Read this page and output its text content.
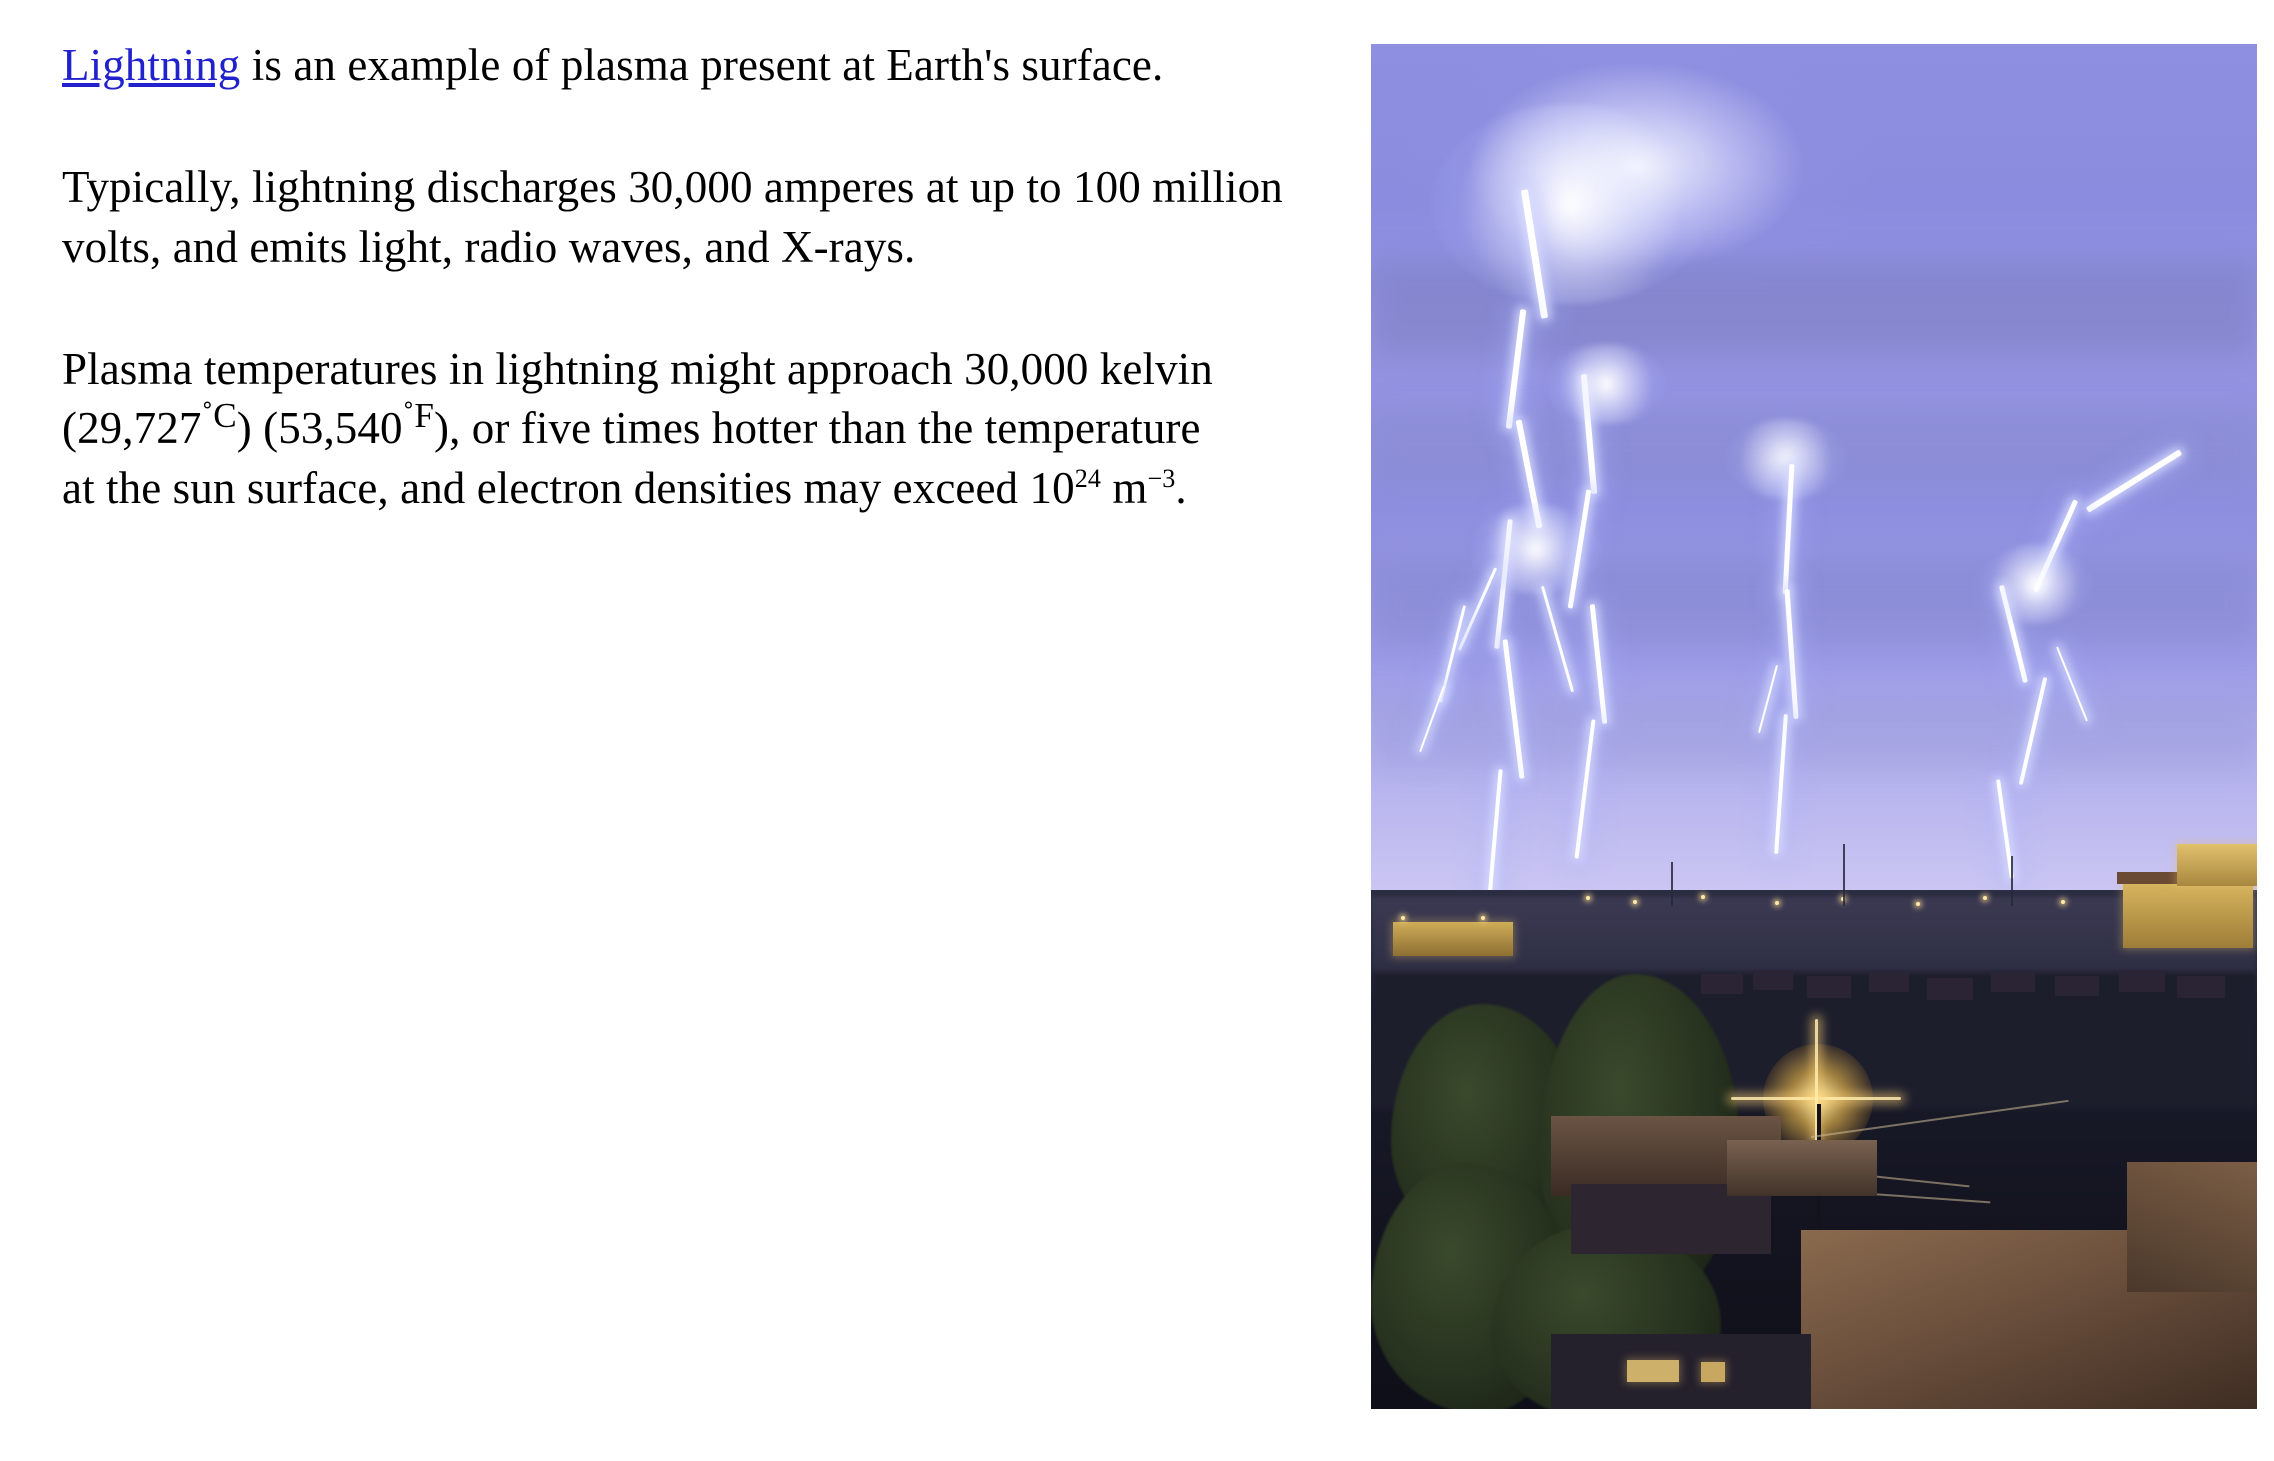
Lightning is an example of plasma present at Earth's surface.

Typically, lightning discharges 30,000 amperes at up to 100 million volts, and emits light, radio waves, and X-rays.

Plasma temperatures in lightning might approach 30,000 kelvin $(29,727^{˚C})$ $(53,540^{˚F})$, or five times hotter than the temperature at the sun surface, and electron densities may exceed $10^{24}$ $m^{-3}$.
